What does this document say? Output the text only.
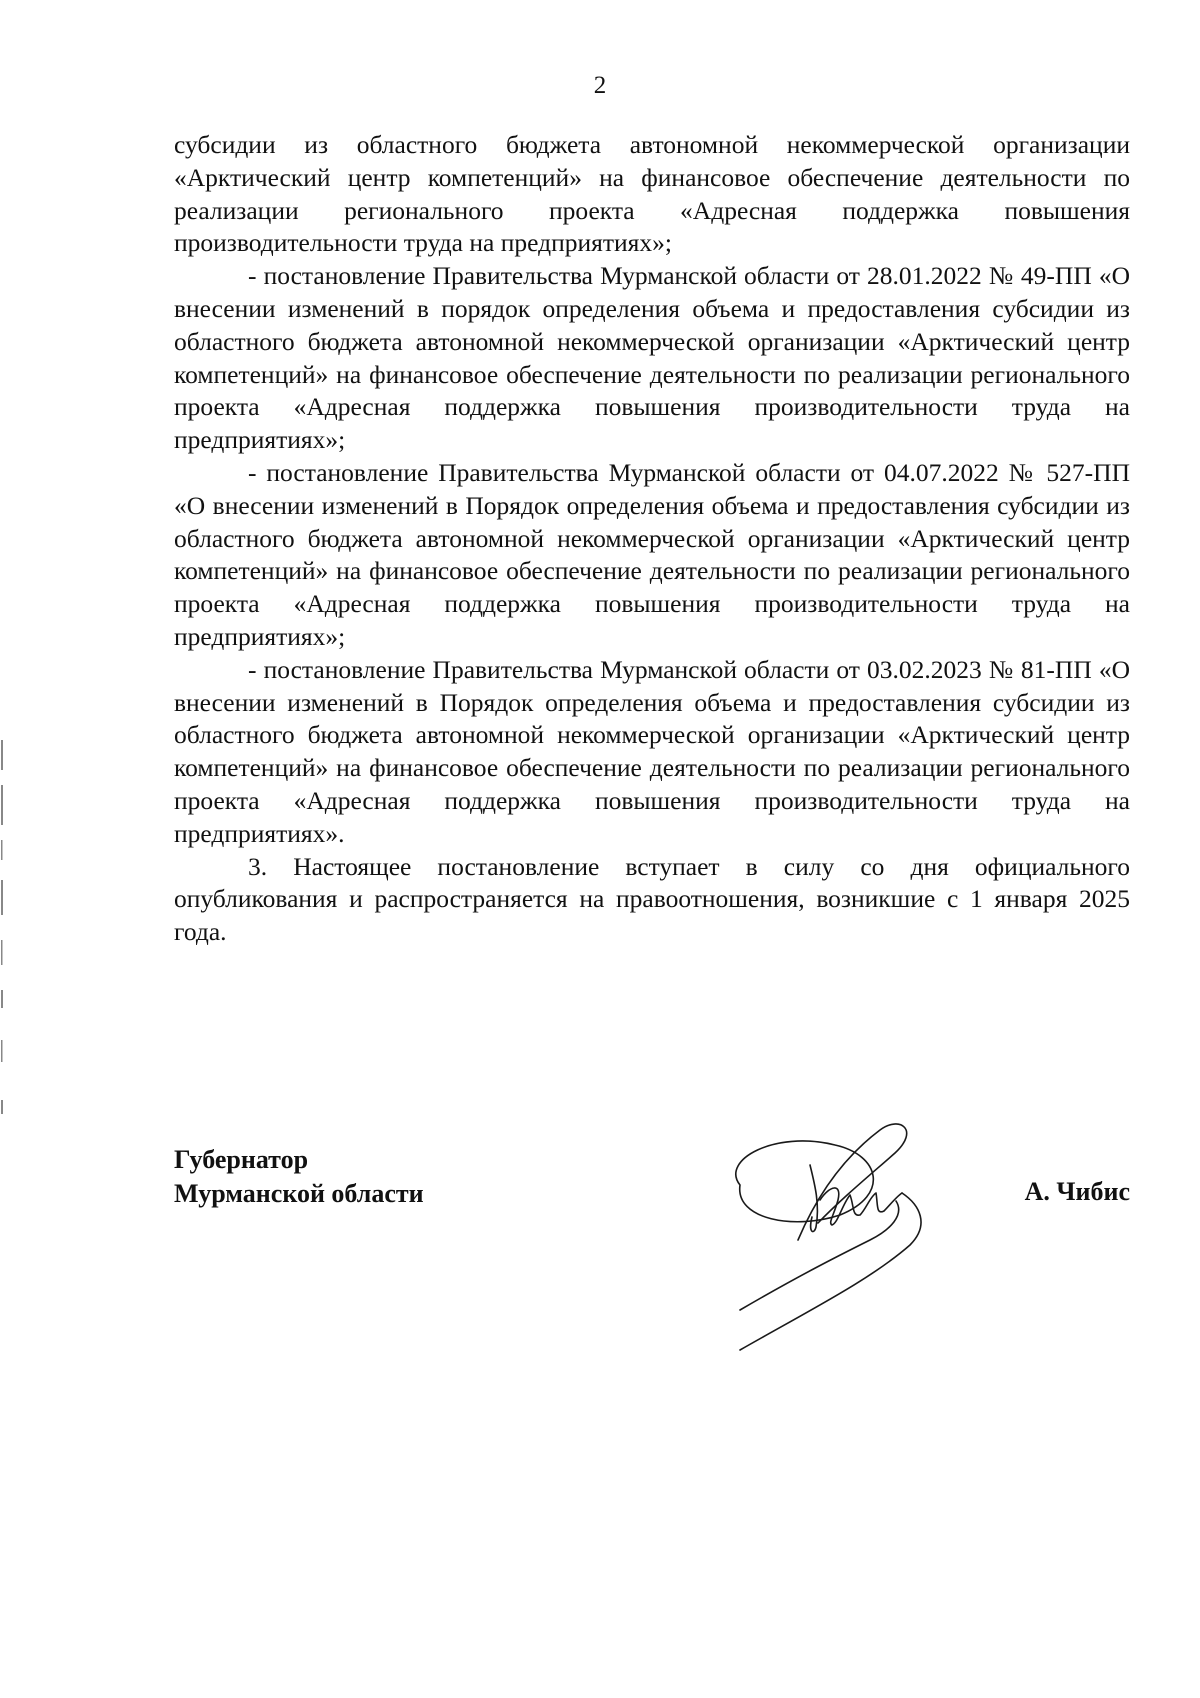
2

субсидии из областного бюджета автономной некоммерческой организации «Арктический центр компетенций» на финансовое обеспечение деятельности по реализации регионального проекта «Адресная поддержка повышения производительности труда на предприятиях»;

- постановление Правительства Мурманской области от 28.01.2022 № 49-ПП «О внесении изменений в порядок определения объема и предоставления субсидии из областного бюджета автономной некоммерческой организации «Арктический центр компетенций» на финансовое обеспечение деятельности по реализации регионального проекта «Адресная поддержка повышения производительности труда на предприятиях»;

- постановление Правительства Мурманской области от 04.07.2022 № 527-ПП «О внесении изменений в Порядок определения объема и предоставления субсидии из областного бюджета автономной некоммерческой организации «Арктический центр компетенций» на финансовое обеспечение деятельности по реализации регионального проекта «Адресная поддержка повышения производительности труда на предприятиях»;

- постановление Правительства Мурманской области от 03.02.2023 № 81-ПП «О внесении изменений в Порядок определения объема и предоставления субсидии из областного бюджета автономной некоммерческой организации «Арктический центр компетенций» на финансовое обеспечение деятельности по реализации регионального проекта «Адресная поддержка повышения производительности труда на предприятиях».

3. Настоящее постановление вступает в силу со дня официального опубликования и распространяется на правоотношения, возникшие с 1 января 2025 года.

Губернатор
Мурманской области	А. Чибис
